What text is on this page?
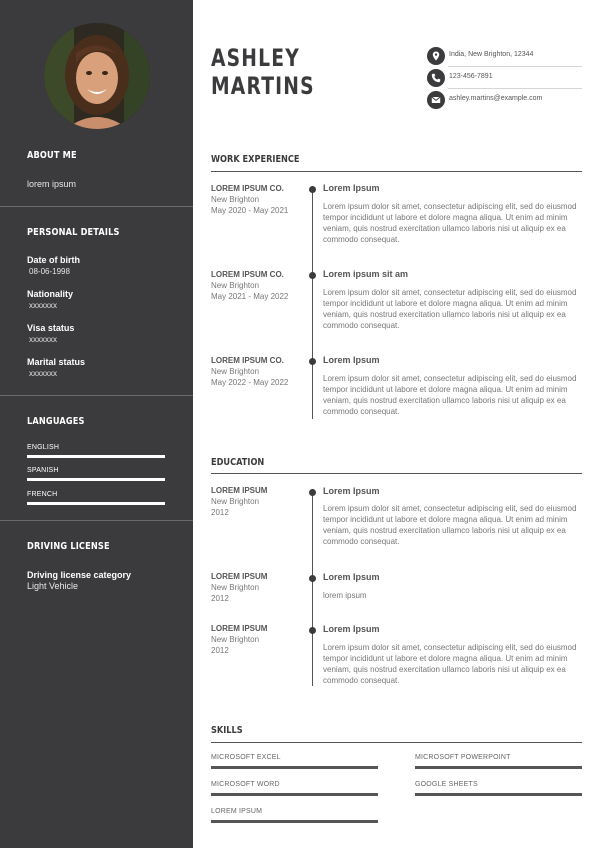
ABOUT ME
lorem ipsum
PERSONAL DETAILS
Date of birth
08-06-1998
Nationality
xxxxxxx
Visa status
xxxxxxx
Marital status
xxxxxxx
LANGUAGES
ENGLISH
SPANISH
FRENCH
DRIVING LICENSE
Driving license category
Light Vehicle
ASHLEY
MARTINS
India, New Brighton, 12344
123-456-7891
ashley.martins@example.com
WORK EXPERIENCE
LOREM IPSUM CO.
New Brighton
May 2020 - May 2021
Lorem Ipsum
Lorem ipsum dolor sit amet, consectetur adipiscing elit, sed do eiusmod tempor incididunt ut labore et dolore magna aliqua. Ut enim ad minim veniam, quis nostrud exercitation ullamco laboris nisi ut aliquip ex ea commodo consequat.
LOREM IPSUM CO.
New Brighton
May 2021 - May 2022
Lorem ipsum sit am
Lorem ipsum dolor sit amet, consectetur adipiscing elit, sed do eiusmod tempor incididunt ut labore et dolore magna aliqua. Ut enim ad minim veniam, quis nostrud exercitation ullamco laboris nisi ut aliquip ex ea commodo consequat.
LOREM IPSUM CO.
New Brighton
May 2022 - May 2022
Lorem Ipsum
Lorem ipsum dolor sit amet, consectetur adipiscing elit, sed do eiusmod tempor incididunt ut labore et dolore magna aliqua. Ut enim ad minim veniam, quis nostrud exercitation ullamco laboris nisi ut aliquip ex ea commodo consequat.
EDUCATION
LOREM IPSUM
New Brighton
2012
Lorem Ipsum
Lorem ipsum dolor sit amet, consectetur adipiscing elit, sed do eiusmod tempor incididunt ut labore et dolore magna aliqua. Ut enim ad minim veniam, quis nostrud exercitation ullamco laboris nisi ut aliquip ex ea commodo consequat.
LOREM IPSUM
New Brighton
2012
Lorem Ipsum
lorem ipsum
LOREM IPSUM
New Brighton
2012
Lorem Ipsum
Lorem ipsum dolor sit amet, consectetur adipiscing elit, sed do eiusmod tempor incididunt ut labore et dolore magna aliqua. Ut enim ad minim veniam, quis nostrud exercitation ullamco laboris nisi ut aliquip ex ea commodo consequat.
SKILLS
MICROSOFT EXCEL	MICROSOFT POWERPOINT
MICROSOFT WORD	GOOGLE SHEETS
LOREM IPSUM
